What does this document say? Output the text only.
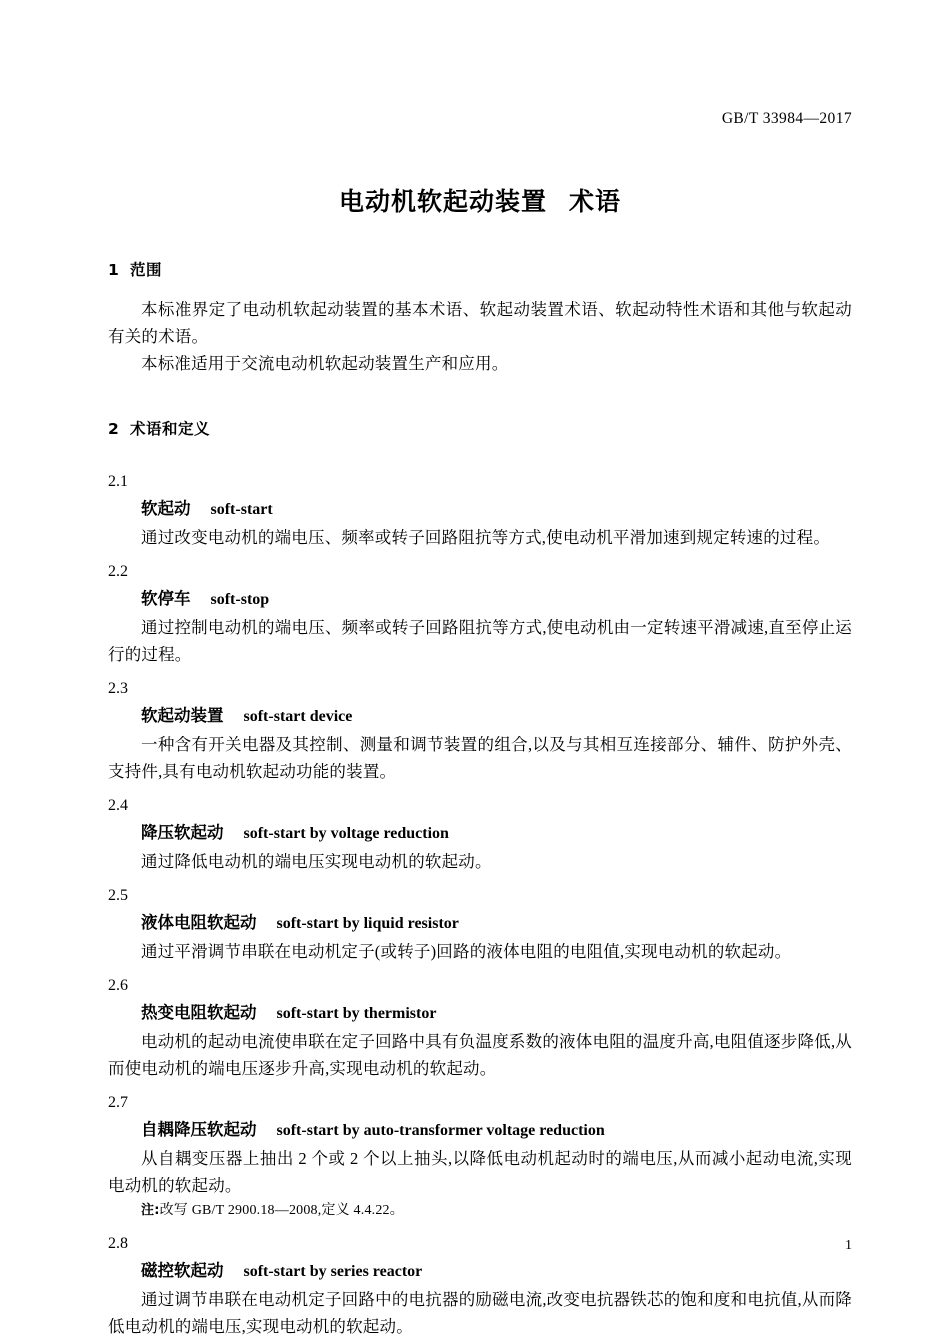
GB/T 33984—2017
电动机软起动装置 术语
1 范围

本标准界定了电动机软起动装置的基本术语、软起动装置术语、软起动特性术语和其他与软起动有关的术语。

本标准适用于交流电动机软起动装置生产和应用。

2 术语和定义
2.1
软起动 soft-start
通过改变电动机的端电压、频率或转子回路阻抗等方式,使电动机平滑加速到规定转速的过程。
2.2
软停车 soft-stop
通过控制电动机的端电压、频率或转子回路阻抗等方式,使电动机由一定转速平滑减速,直至停止运行的过程。
2.3
软起动装置 soft-start device
一种含有开关电器及其控制、测量和调节装置的组合,以及与其相互连接部分、辅件、防护外壳、支持件,具有电动机软起动功能的装置。
2.4
降压软起动 soft-start by voltage reduction
通过降低电动机的端电压实现电动机的软起动。
2.5
液体电阻软起动 soft-start by liquid resistor
通过平滑调节串联在电动机定子(或转子)回路的液体电阻的电阻值,实现电动机的软起动。
2.6
热变电阻软起动 soft-start by thermistor
电动机的起动电流使串联在定子回路中具有负温度系数的液体电阻的温度升高,电阻值逐步降低,从而使电动机的端电压逐步升高,实现电动机的软起动。
2.7
自耦降压软起动 soft-start by auto-transformer voltage reduction
从自耦变压器上抽出 2 个或 2 个以上抽头,以降低电动机起动时的端电压,从而减小起动电流,实现电动机的软起动。
注:改写 GB/T 2900.18—2008,定义 4.4.22。
2.8
磁控软起动 soft-start by series reactor
通过调节串联在电动机定子回路中的电抗器的励磁电流,改变电抗器铁芯的饱和度和电抗值,从而降低电动机的端电压,实现电动机的软起动。
1
